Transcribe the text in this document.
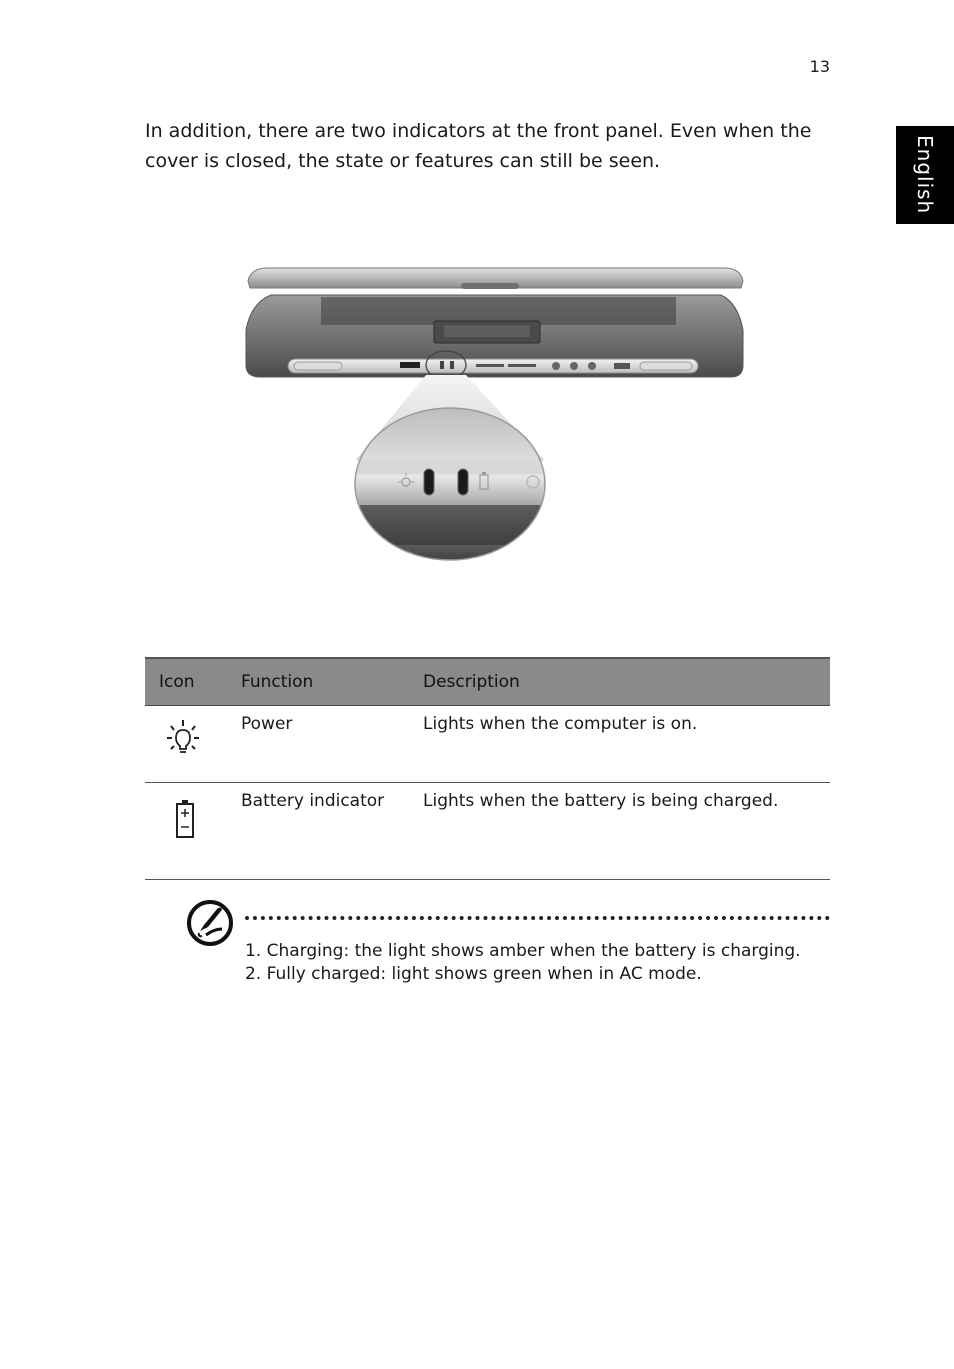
13
English

In addition, there are two indicators at the front panel. Even when the cover is closed, the state or features can still be seen.

Icon	Function	Description
	Power	Lights when the computer is on.
	Battery indicator	Lights when the battery is being charged.
1. Charging: the light shows amber when the battery is charging.
2. Fully charged: light shows green when in AC mode.
